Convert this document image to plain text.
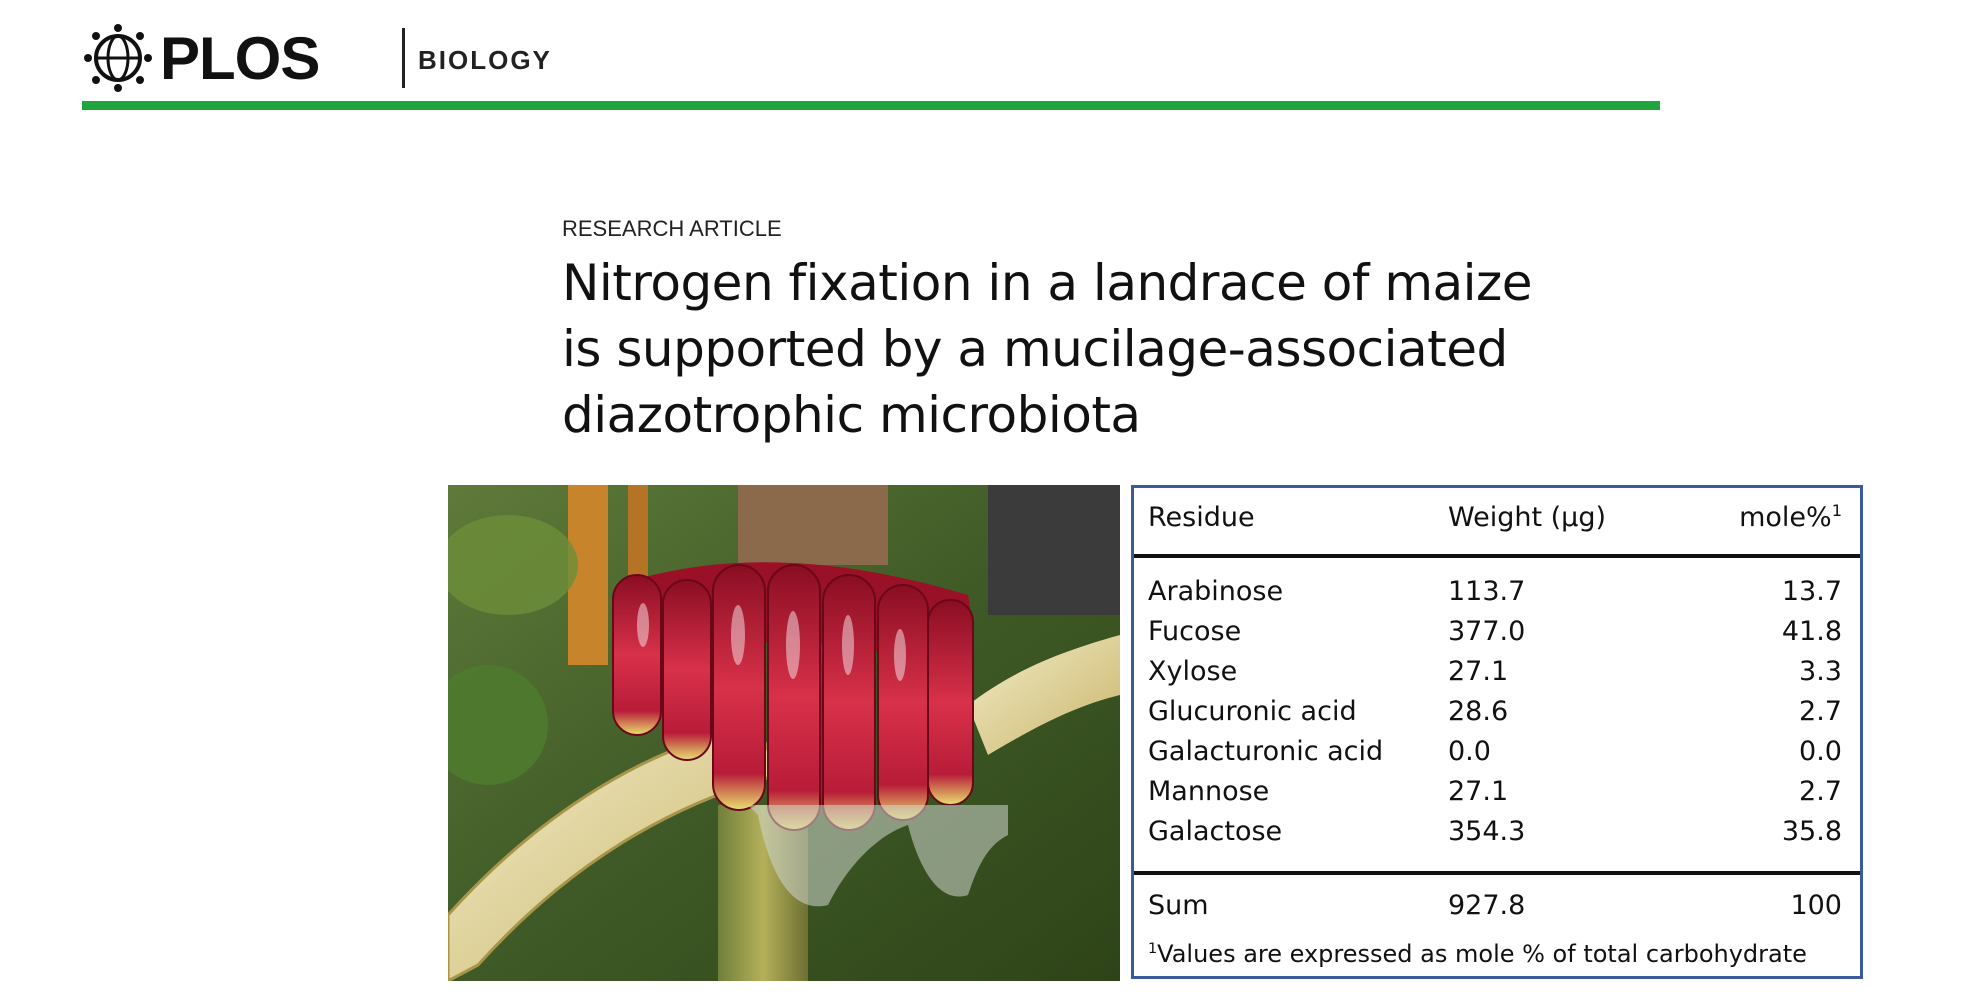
PLOS	BIOLOGY
RESEARCH ARTICLE
Nitrogen fixation in a landrace of maize is supported by a mucilage-associated diazotrophic microbiota
Residue	Weight (μg)	mole%$^1$
Arabinose	113.7	13.7
Fucose	377.0	41.8
Xylose	27.1	3.3
Glucuronic acid	28.6	2.7
Galacturonic acid 0.0	0.0
Mannose	27.1	2.7
Galactose	354.3	35.8
Sum	927.8	100
$^1$Values are expressed as mole % of total carbohydrate
